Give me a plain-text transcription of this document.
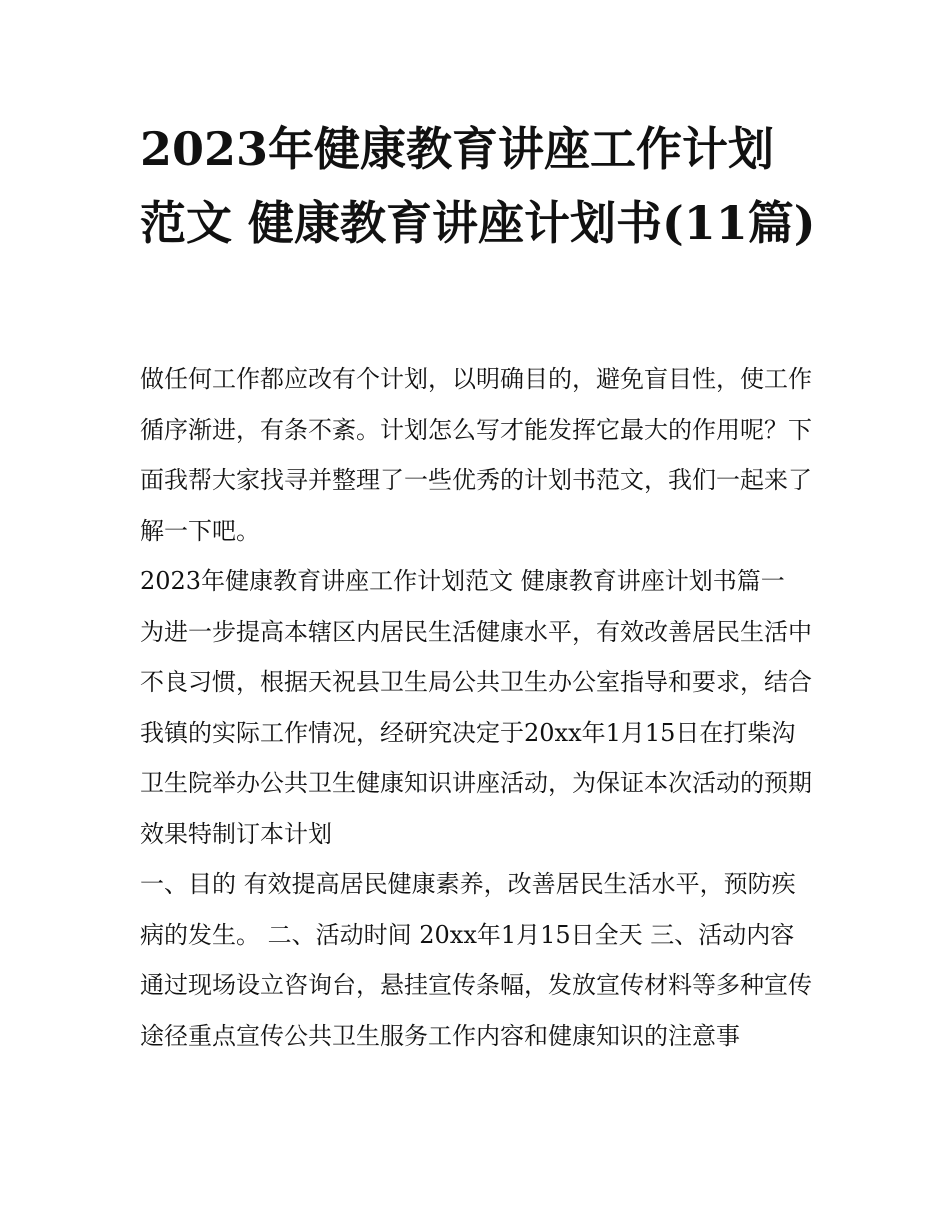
2023年健康教育讲座工作计划范文 健康教育讲座计划书(11篇)

做任何工作都应改有个计划，以明确目的，避免盲目性，使工作循序渐进，有条不紊。计划怎么写才能发挥它最大的作用呢？下面我帮大家找寻并整理了一些优秀的计划书范文，我们一起来了解一下吧。

2023年健康教育讲座工作计划范文 健康教育讲座计划书篇一

为进一步提高本辖区内居民生活健康水平，有效改善居民生活中不良习惯，根据天祝县卫生局公共卫生办公室指导和要求，结合我镇的实际工作情况，经研究决定于20xx年1月15日在打柴沟卫生院举办公共卫生健康知识讲座活动，为保证本次活动的预期效果特制订本计划

一、目的 有效提高居民健康素养，改善居民生活水平，预防疾病的发生。 二、活动时间 20xx年1月15日全天 三、活动内容

通过现场设立咨询台，悬挂宣传条幅，发放宣传材料等多种宣传途径重点宣传公共卫生服务工作内容和健康知识的注意事
